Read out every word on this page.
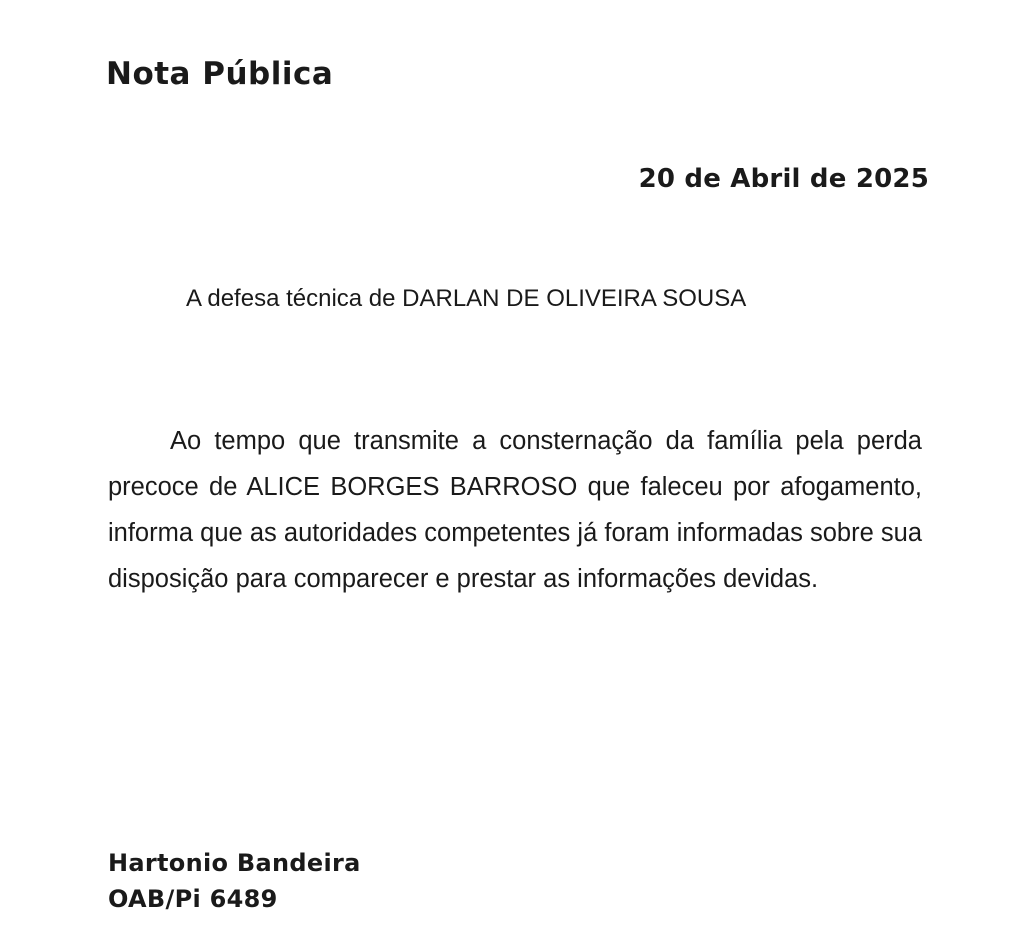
Nota Pública
20 de Abril de 2025
A defesa técnica de DARLAN DE OLIVEIRA SOUSA

Ao tempo que transmite a consternação da família pela perda precoce de ALICE BORGES BARROSO que faleceu por afogamento, informa que as autoridades competentes já foram informadas sobre sua disposição para comparecer e prestar as informações devidas.

Hartonio Bandeira
OAB/Pi 6489
